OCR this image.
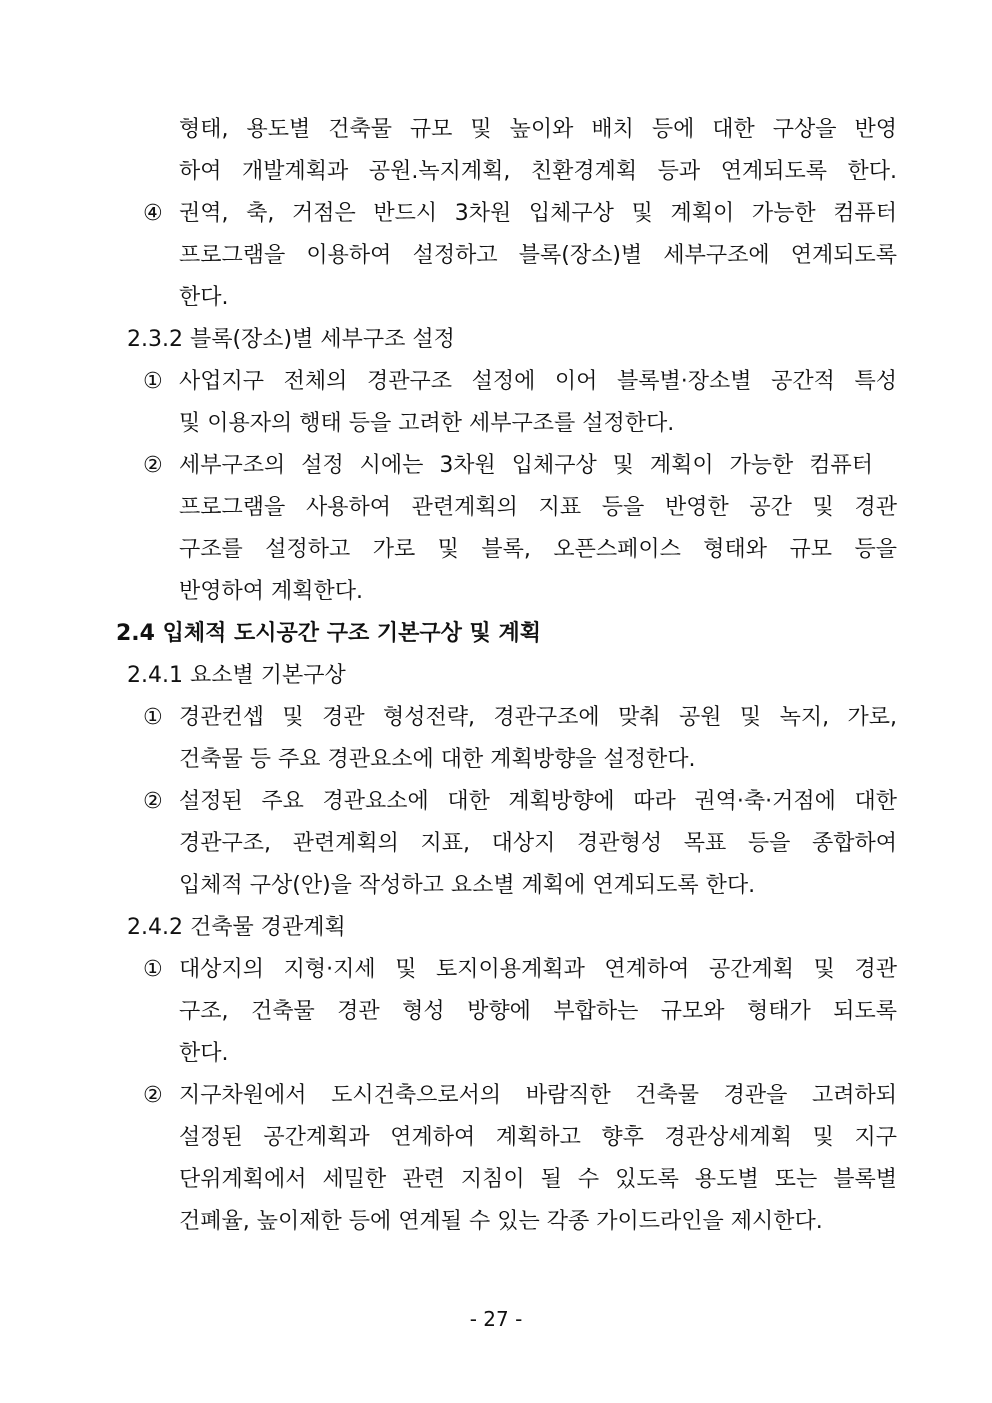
형태, 용도별 건축물 규모 및 높이와 배치 등에 대한 구상을 반영
하여 개발계획과 공원.녹지계획, 친환경계획 등과 연계되도록 한다.
④ 권역, 축, 거점은 반드시 3차원 입체구상 및 계획이 가능한 컴퓨터
프로그램을 이용하여 설정하고 블록(장소)별 세부구조에 연계되도록
한다.
2.3.2 블록(장소)별 세부구조 설정
① 사업지구 전체의 경관구조 설정에 이어 블록별·장소별 공간적 특성
및 이용자의 행태 등을 고려한 세부구조를 설정한다.
② 세부구조의 설정 시에는 3차원 입체구상 및 계획이 가능한 컴퓨터
프로그램을 사용하여 관련계획의 지표 등을 반영한 공간 및 경관
구조를 설정하고 가로 및 블록, 오픈스페이스 형태와 규모 등을
반영하여 계획한다.
2.4 입체적 도시공간 구조 기본구상 및 계획
2.4.1 요소별 기본구상
① 경관컨셉 및 경관 형성전략, 경관구조에 맞춰 공원 및 녹지, 가로,
건축물 등 주요 경관요소에 대한 계획방향을 설정한다.
② 설정된 주요 경관요소에 대한 계획방향에 따라 권역·축·거점에 대한
경관구조, 관련계획의 지표, 대상지 경관형성 목표 등을 종합하여
입체적 구상(안)을 작성하고 요소별 계획에 연계되도록 한다.
2.4.2 건축물 경관계획
① 대상지의 지형·지세 및 토지이용계획과 연계하여 공간계획 및 경관
구조, 건축물 경관 형성 방향에 부합하는 규모와 형태가 되도록
한다.
② 지구차원에서 도시건축으로서의 바람직한 건축물 경관을 고려하되
설정된 공간계획과 연계하여 계획하고 향후 경관상세계획 및 지구
단위계획에서 세밀한 관련 지침이 될 수 있도록 용도별 또는 블록별
건폐율, 높이제한 등에 연계될 수 있는 각종 가이드라인을 제시한다.
- 27 -
